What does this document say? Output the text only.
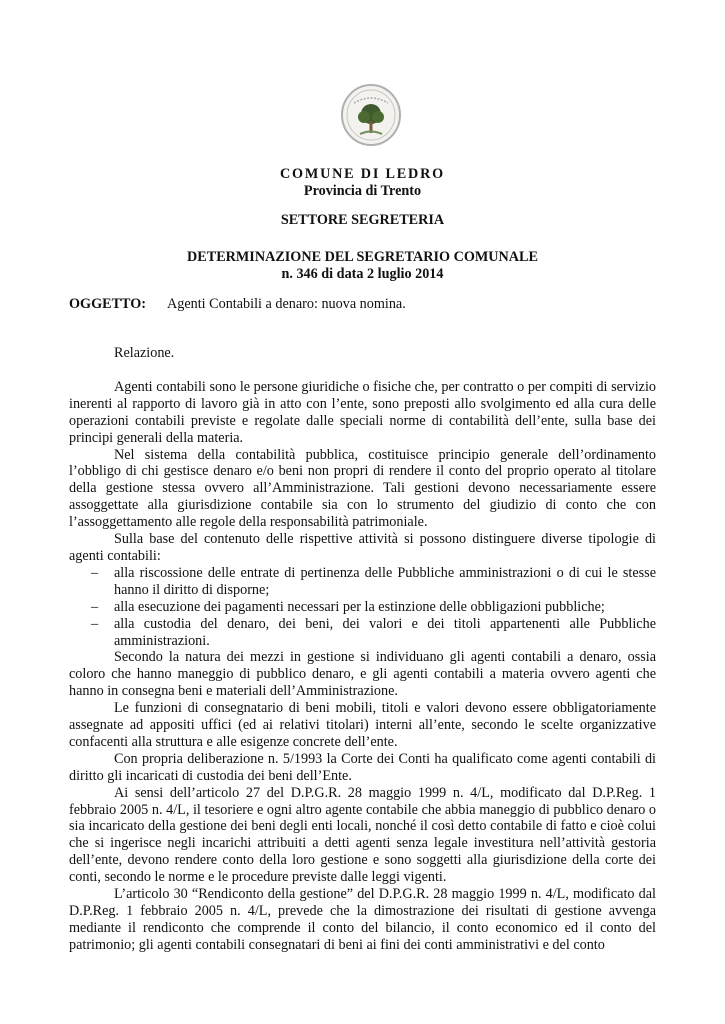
COMUNE DI LEDRO
Provincia di Trento
SETTORE SEGRETERIA
DETERMINAZIONE DEL SEGRETARIO COMUNALE
n. 346 di data 2 luglio 2014
OGGETTO: Agenti Contabili a denaro: nuova nomina.

Relazione.

Agenti contabili sono le persone giuridiche o fisiche che, per contratto o per compiti di servizio inerenti al rapporto di lavoro già in atto con l’ente, sono preposti allo svolgimento ed alla cura delle operazioni contabili previste e regolate dalle speciali norme di contabilità dell’ente, sulla base dei principi generali della materia.

Nel sistema della contabilità pubblica, costituisce principio generale dell’ordinamento l’obbligo di chi gestisce denaro e/o beni non propri di rendere il conto del proprio operato al titolare della gestione stessa ovvero all’Amministrazione. Tali gestioni devono necessariamente essere assoggettate alla giurisdizione contabile sia con lo strumento del giudizio di conto che con l’assoggettamento alle regole della responsabilità patrimoniale.

Sulla base del contenuto delle rispettive attività si possono distinguere diverse tipologie di agenti contabili:

– alla riscossione delle entrate di pertinenza delle Pubbliche amministrazioni o di cui le stesse hanno il diritto di disporne;
– alla esecuzione dei pagamenti necessari per la estinzione delle obbligazioni pubbliche;
– alla custodia del denaro, dei beni, dei valori e dei titoli appartenenti alle Pubbliche amministrazioni.

Secondo la natura dei mezzi in gestione si individuano gli agenti contabili a denaro, ossia coloro che hanno maneggio di pubblico denaro, e gli agenti contabili a materia ovvero agenti che hanno in consegna beni e materiali dell’Amministrazione.

Le funzioni di consegnatario di beni mobili, titoli e valori devono essere obbligatoriamente assegnate ad appositi uffici (ed ai relativi titolari) interni all’ente, secondo le scelte organizzative confacenti alla struttura e alle esigenze concrete dell’ente.

Con propria deliberazione n. 5/1993 la Corte dei Conti ha qualificato come agenti contabili di diritto gli incaricati di custodia dei beni dell’Ente.

Ai sensi dell’articolo 27 del D.P.G.R. 28 maggio 1999 n. 4/L, modificato dal D.P.Reg. 1 febbraio 2005 n. 4/L, il tesoriere e ogni altro agente contabile che abbia maneggio di pubblico denaro o sia incaricato della gestione dei beni degli enti locali, nonché il così detto contabile di fatto e cioè colui che si ingerisce negli incarichi attribuiti a detti agenti senza legale investitura nell’attività gestoria dell’ente, devono rendere conto della loro gestione e sono soggetti alla giurisdizione della corte dei conti, secondo le norme e le procedure previste dalle leggi vigenti.

L’articolo 30 “Rendiconto della gestione” del D.P.G.R. 28 maggio 1999 n. 4/L, modificato dal D.P.Reg. 1 febbraio 2005 n. 4/L, prevede che la dimostrazione dei risultati di gestione avvenga mediante il rendiconto che comprende il conto del bilancio, il conto economico ed il conto del patrimonio; gli agenti contabili consegnatari di beni ai fini dei conti amministrativi e del conto
